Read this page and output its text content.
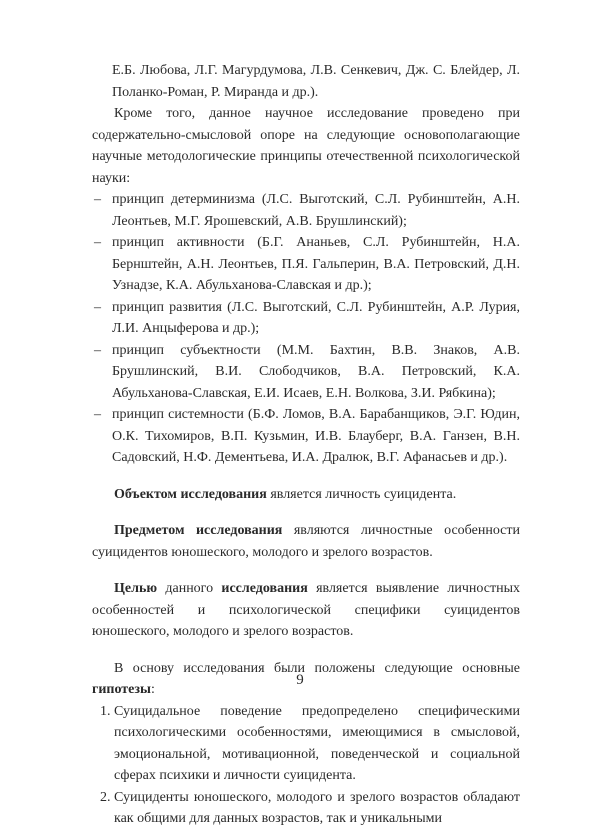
Е.Б. Любова, Л.Г. Магурдумова, Л.В. Сенкевич, Дж. С. Блейдер, Л. Поланко-Роман, Р. Миранда и др.).

Кроме того, данное научное исследование проведено при содержательно-смысловой опоре на следующие основополагающие научные методологические принципы отечественной психологической науки:

– принцип детерминизма (Л.С. Выготский, С.Л. Рубинштейн, А.Н. Леонтьев, М.Г. Ярошевский, А.В. Брушлинский);
– принцип активности (Б.Г. Ананьев, С.Л. Рубинштейн, Н.А. Бернштейн, А.Н. Леонтьев, П.Я. Гальперин, В.А. Петровский, Д.Н. Узнадзе, К.А. Абульханова-Славская и др.);
– принцип развития (Л.С. Выготский, С.Л. Рубинштейн, А.Р. Лурия, Л.И. Анцыферова и др.);
– принцип субъектности (М.М. Бахтин, В.В. Знаков, А.В. Брушлинский, В.И. Слободчиков, В.А. Петровский, К.А. Абульханова-Славская, Е.И. Исаев, Е.Н. Волкова, З.И. Рябкина);
– принцип системности (Б.Ф. Ломов, В.А. Барабанщиков, Э.Г. Юдин, О.К. Тихомиров, В.П. Кузьмин, И.В. Блауберг, В.А. Ганзен, В.Н. Садовский, Н.Ф. Дементьева, И.А. Дралюк, В.Г. Афанасьев и др.).

Объектом исследования является личность суицидента.

Предметом исследования являются личностные особенности суицидентов юношеского, молодого и зрелого возрастов.

Целью данного исследования является выявление личностных особенностей и психологической специфики суицидентов юношеского, молодого и зрелого возрастов.

В основу исследования были положены следующие основные гипотезы:

1. Суицидальное поведение предопределено специфическими психологическими особенностями, имеющимися в смысловой, эмоциональной, мотивационной, поведенческой и социальной сферах психики и личности суицидента.
2. Суициденты юношеского, молодого и зрелого возрастов обладают как общими для данных возрастов, так и уникальными
9
